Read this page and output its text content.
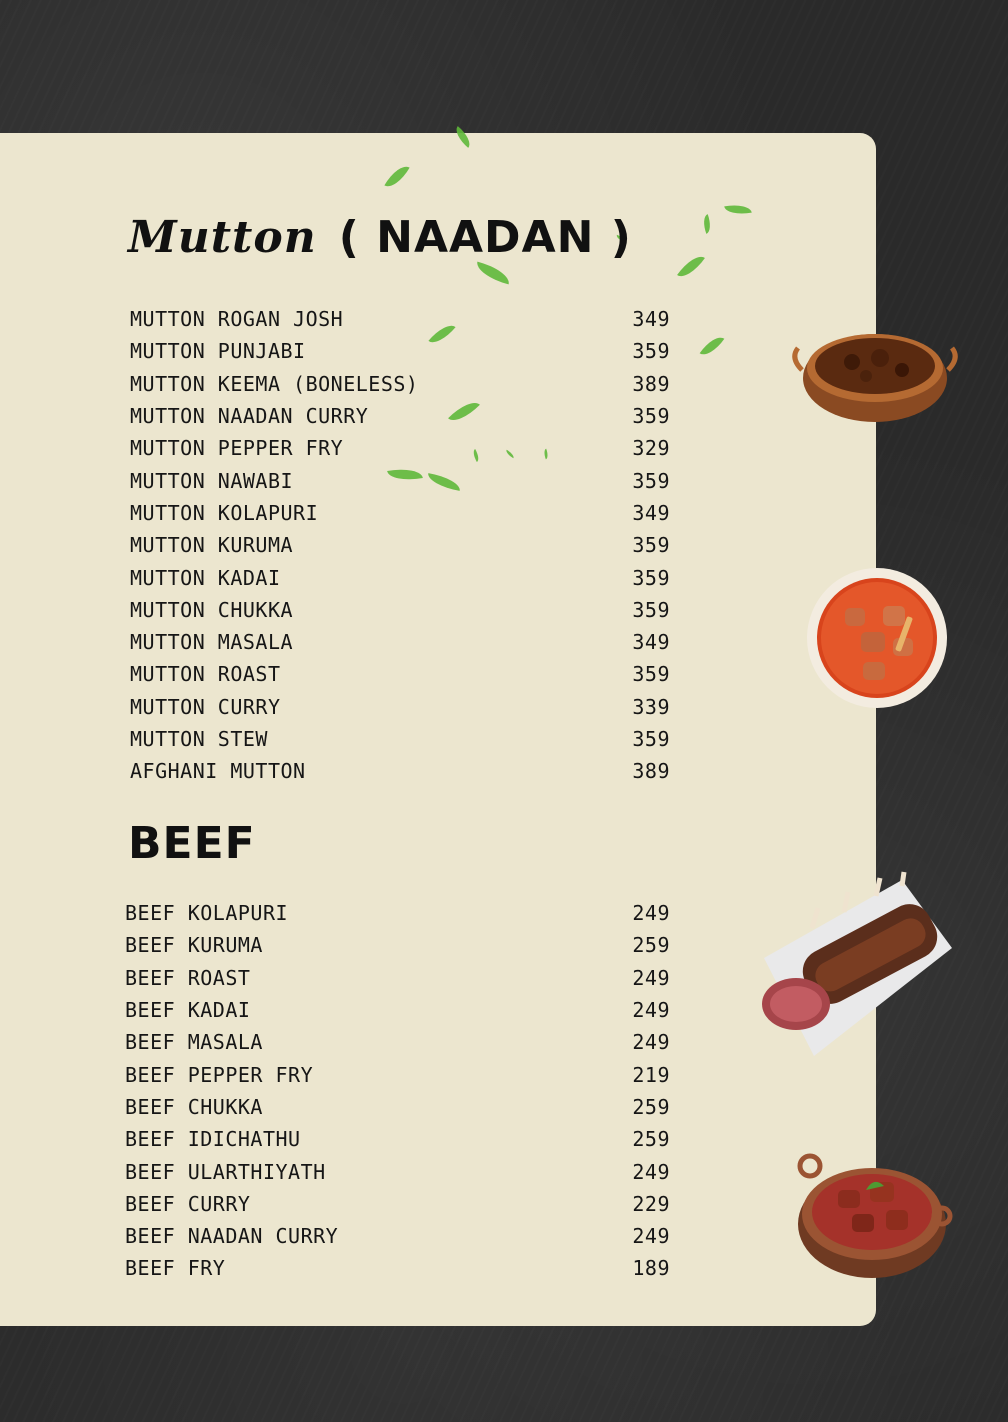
Mutton ( NAADAN )
MUTTON ROGAN JOSH	349
MUTTON PUNJABI	359
MUTTON KEEMA (BONELESS)	389
MUTTON NAADAN CURRY	359
MUTTON PEPPER FRY	329
MUTTON NAWABI	359
MUTTON KOLAPURI	349
MUTTON KURUMA	359
MUTTON KADAI	359
MUTTON CHUKKA	359
MUTTON MASALA	349
MUTTON ROAST	359
MUTTON CURRY	339
MUTTON STEW	359
AFGHANI MUTTON	389
BEEF
BEEF KOLAPURI	249
BEEF KURUMA	259
BEEF ROAST	249
BEEF KADAI	249
BEEF MASALA	249
BEEF PEPPER FRY	219
BEEF CHUKKA	259
BEEF IDICHATHU	259
BEEF ULARTHIYATH	249
BEEF CURRY	229
BEEF NAADAN CURRY	249
BEEF FRY	189
